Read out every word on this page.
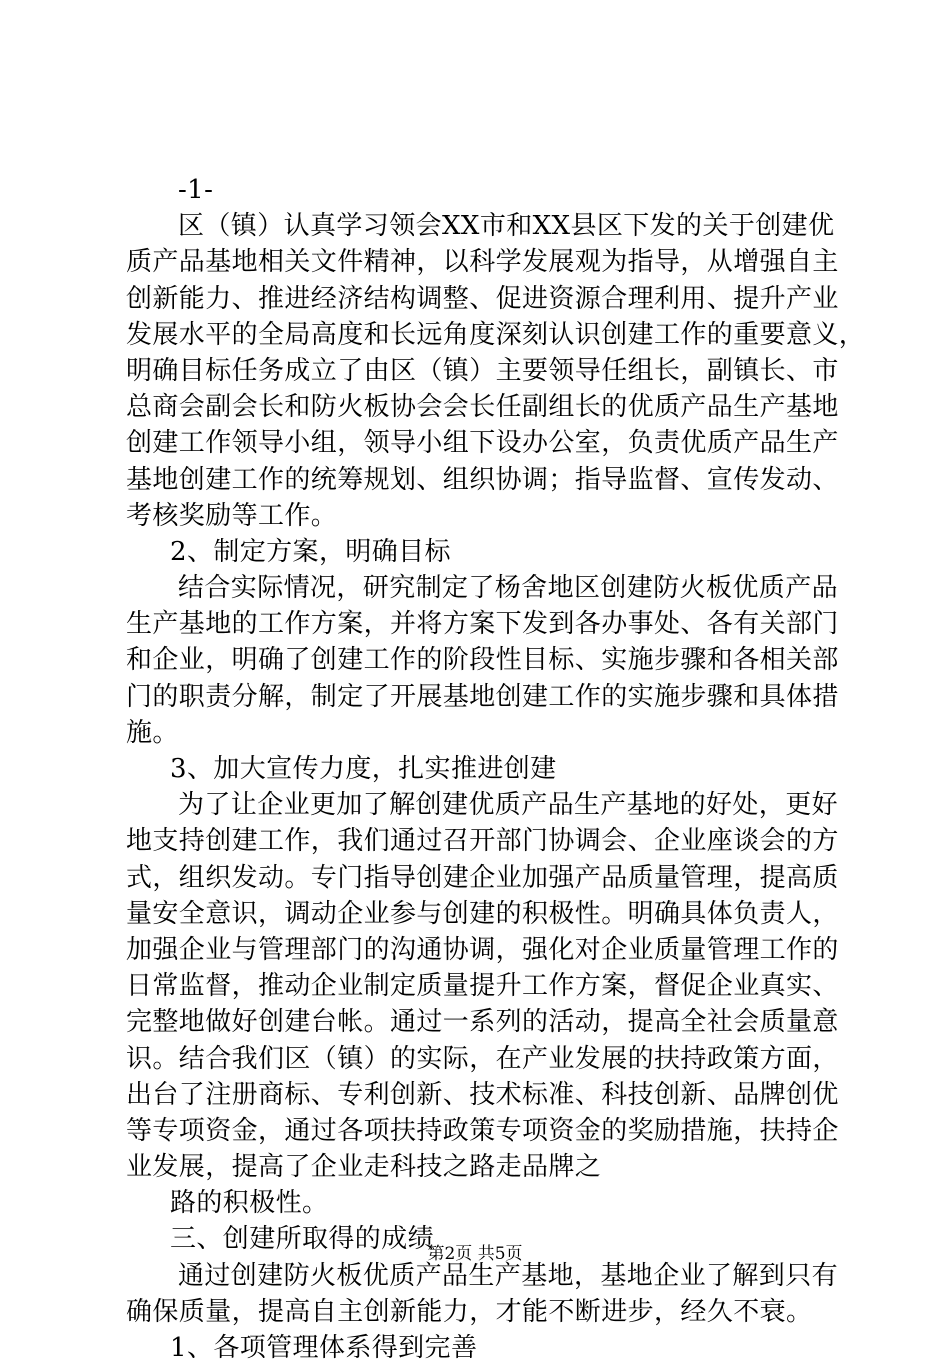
-1-
区（镇）认真学习领会XX市和XX县区下发的关于创建优
质产品基地相关文件精神，以科学发展观为指导，从增强自主
创新能力、推进经济结构调整、促进资源合理利用、提升产业
发展水平的全局高度和长远角度深刻认识创建工作的重要意义，
明确目标任务成立了由区（镇）主要领导任组长，副镇长、市
总商会副会长和防火板协会会长任副组长的优质产品生产基地
创建工作领导小组，领导小组下设办公室，负责优质产品生产
基地创建工作的统筹规划、组织协调；指导监督、宣传发动、
考核奖励等工作。
2、制定方案，明确目标
结合实际情况，研究制定了杨舍地区创建防火板优质产品
生产基地的工作方案，并将方案下发到各办事处、各有关部门
和企业，明确了创建工作的阶段性目标、实施步骤和各相关部
门的职责分解，制定了开展基地创建工作的实施步骤和具体措
施。
3、加大宣传力度，扎实推进创建
为了让企业更加了解创建优质产品生产基地的好处，更好
地支持创建工作，我们通过召开部门协调会、企业座谈会的方
式，组织发动。专门指导创建企业加强产品质量管理，提高质
量安全意识，调动企业参与创建的积极性。明确具体负责人，
加强企业与管理部门的沟通协调，强化对企业质量管理工作的
日常监督，推动企业制定质量提升工作方案，督促企业真实、
完整地做好创建台帐。通过一系列的活动，提高全社会质量意
识。结合我们区（镇）的实际，在产业发展的扶持政策方面，
出台了注册商标、专利创新、技术标准、科技创新、品牌创优
等专项资金，通过各项扶持政策专项资金的奖励措施，扶持企
业发展，提高了企业走科技之路走品牌之
路的积极性。
三、创建所取得的成绩
通过创建防火板优质产品生产基地，基地企业了解到只有
确保质量，提高自主创新能力，才能不断进步，经久不衰。
1、各项管理体系得到完善
第2页 共5页
